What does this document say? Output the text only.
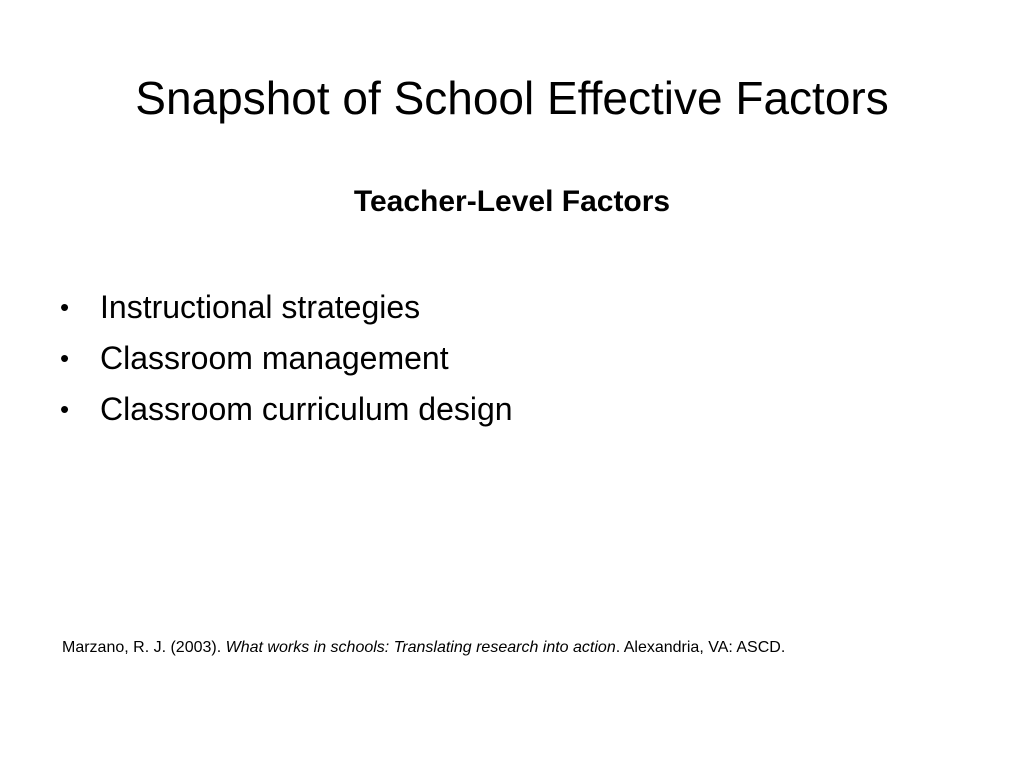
Snapshot of School Effective Factors
Teacher-Level Factors
• Instructional strategies
• Classroom management
• Classroom curriculum design
Marzano, R. J. (2003). What works in schools: Translating research into action. Alexandria, VA: ASCD.
